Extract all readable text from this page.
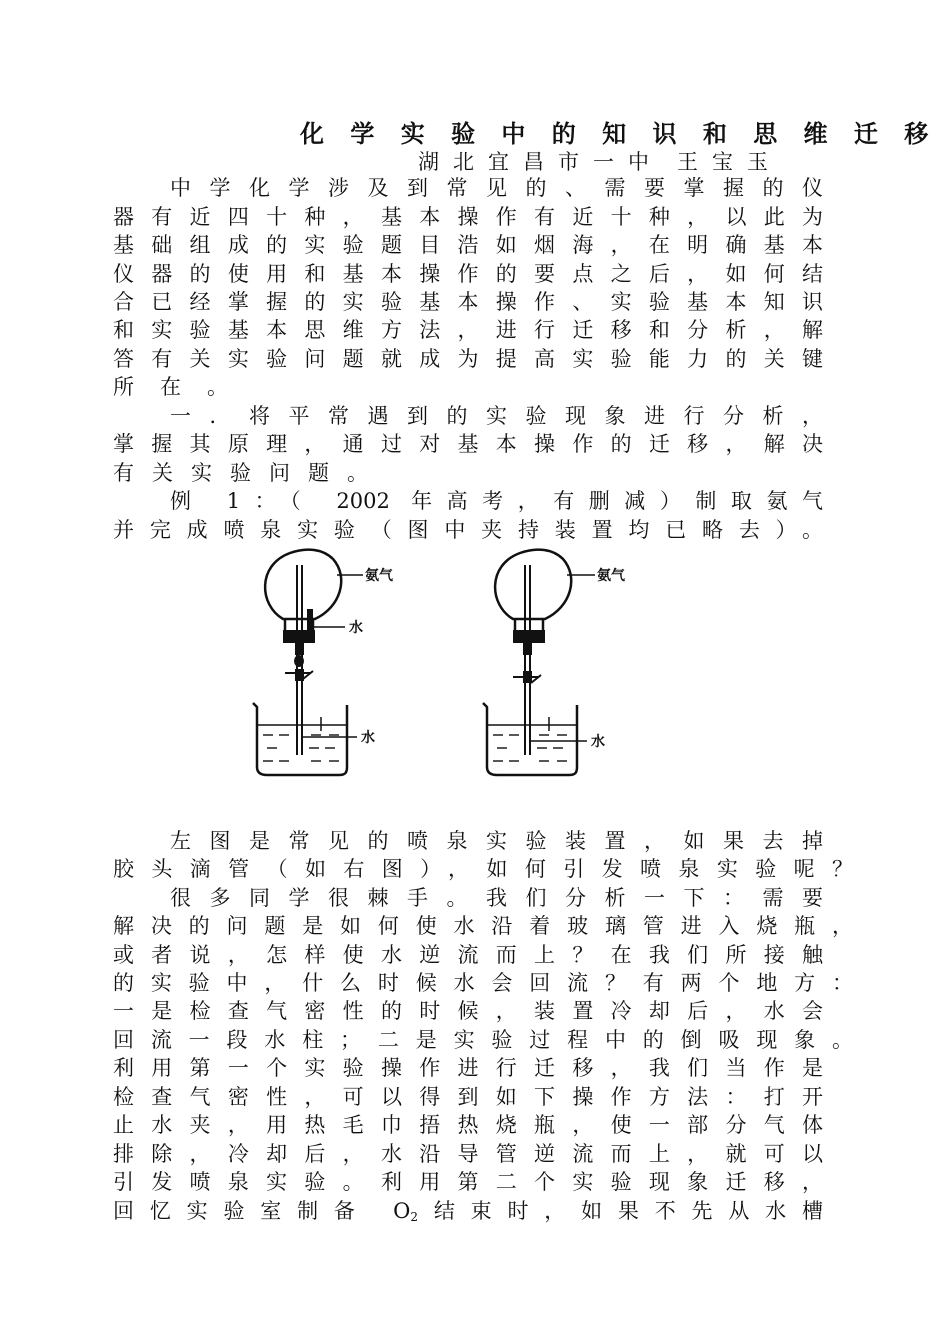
化 学 实 验 中 的 知 识 和 思 维 迁 移
湖北宜昌市一中 王宝玉
中学化学涉及到常见的、需要掌握的仪
器有近四十种，基本操作有近十种，以此为
基础组成的实验题目浩如烟海，在明确基本
仪器的使用和基本操作的要点之后，如何结
合已经掌握的实验基本操作、实验基本知识
和实验基本思维方法，进行迁移和分析，解
答有关实验问题就成为提高实验能力的关键
所在。
一．将平常遇到的实验现象进行分析，
掌握其原理，通过对基本操作的迁移，解决
有关实验问题。
例 1：（ 2002 年高考，有删减）制取氨气
并完成喷泉实验（图中夹持装置均已略去）。
氨气
水
水
氨气
水
左图是常见的喷泉实验装置，如果去掉
胶头滴管（如右图），如何引发喷泉实验呢？
很多同学很棘手。我们分析一下：需要
解决的问题是如何使水沿着玻璃管进入烧瓶，
或者说，怎样使水逆流而上？在我们所接触
的实验中，什么时候水会回流？有两个地方：
一是检查气密性的时候，装置冷却后，水会
回流一段水柱；二是实验过程中的倒吸现象。
利用第一个实验操作进行迁移，我们当作是
检查气密性，可以得到如下操作方法：打开
止水夹，用热毛巾捂热烧瓶，使一部分气体
排除，冷却后，水沿导管逆流而上，就可以
引发喷泉实验。利用第二个实验现象迁移，
回忆实验室制备 $O_2$结束时，如果不先从水槽
